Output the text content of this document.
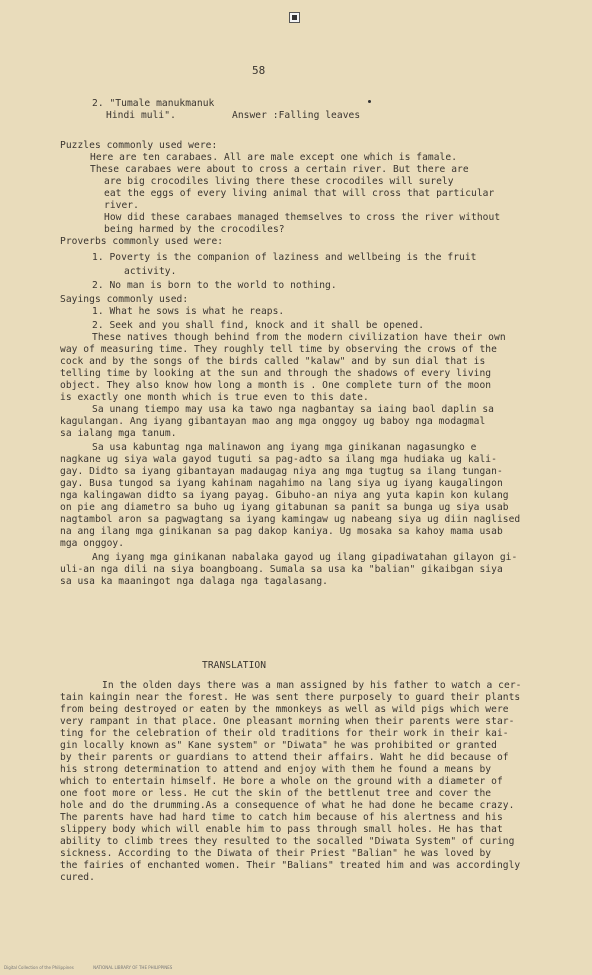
58
2. "Tumale manukmanuk
Hindi muli".	Answer :Falling leaves
Puzzles commonly used were:
Here are ten carabaes. All are male except one which is famale.
These carabaes were about to cross a certain river. But there are
are big crocodiles living there these crocodiles will surely
eat the eggs of every living animal that will cross that particular
river.
How did these carabaes managed themselves to cross the river without
being harmed by the crocodiles?
Proverbs commonly used were:
1. Poverty is the companion of laziness and wellbeing is the fruit
activity.
2. No man is born to the world to nothing.
Sayings commonly used:
1. What he sows is what he reaps.
2. Seek and you shall find, knock and it shall be opened.
These natives though behind from the modern civilization have their own
way of measuring time. They roughly tell time by observing the crows of the
cock and by the songs of the birds called "kalaw" and by sun dial that is
telling time by looking at the sun and through the shadows of every living
object. They also know how long a month is . One complete turn of the moon
is exactly one month which is true even to this date.
Sa unang tiempo may usa ka tawo nga nagbantay sa iaing baol daplin sa
kagulangan. Ang iyang gibantayan mao ang mga onggoy ug baboy nga modagmal
sa ialang mga tanum.
Sa usa kabuntag nga malinawon ang iyang mga ginikanan nagasungko e
nagkane ug siya wala gayod tuguti sa pag-adto sa ilang mga hudiaka ug kali-
gay. Didto sa iyang gibantayan madaugag niya ang mga tugtug sa ilang tungan-
gay. Busa tungod sa iyang kahinam nagahimo na lang siya ug iyang kaugalingon
nga kalingawan didto sa iyang payag. Gibuho-an niya ang yuta kapin kon kulang
on pie ang diametro sa buho ug iyang gitabunan sa panit sa bunga ug siya usab
nagtambol aron sa pagwagtang sa iyang kamingaw ug nabeang siya ug diin naglised
na ang ilang mga ginikanan sa pag dakop kaniya. Ug mosaka sa kahoy mama usab
mga onggoy.
Ang iyang mga ginikanan nabalaka gayod ug ilang gipadiwatahan gilayon gi-
uli-an nga dili na siya boangboang. Sumala sa usa ka "balian" gikaibgan siya
sa usa ka maaningot nga dalaga nga tagalasang.
In the olden days there was a man assigned by his father to watch a cer-
tain kaingin near the forest. He was sent there purposely to guard their plants
from being destroyed or eaten by the mmonkeys as well as wild pigs which were
very rampant in that place. One pleasant morning when their parents were star-
ting for the celebration of their old traditions for their work in their kai-
gin locally known as" Kane system" or "Diwata" he was prohibited or granted
by their parents or guardians to attend their affairs. Waht he did because of
his strong determination to attend and enjoy with them he found a means by
which to entertain himself. He bore a whole on the ground with a diameter of
one foot more or less. He cut the skin of the bettlenut tree and cover the
hole and do the drumming.As a consequence of what he had done he became crazy.
The parents have had hard time to catch him because of his alertness and his
slippery body which will enable him to pass through small holes. He has that
ability to climb trees they resulted to the socalled "Diwata System" of curing
sickness. According to the Diwata of their Priest "Balian" he was loved by
the fairies of enchanted women. Their "Balians" treated him and was accordingly
cured.
TRANSLATION
Digital Collection of the Philippines	NATIONAL LIBRARY OF THE PHILIPPINES
